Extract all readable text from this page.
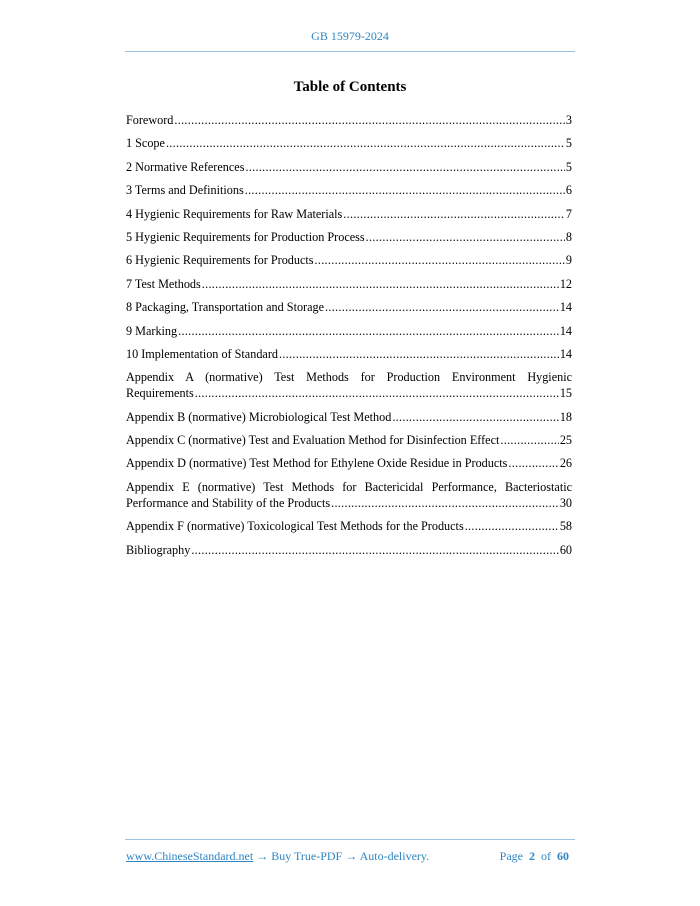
GB 15979-2024
Table of Contents
Foreword .....	3
1 Scope .....	5
2 Normative References .....	5
3 Terms and Definitions .....	6
4 Hygienic Requirements for Raw Materials .....	7
5 Hygienic Requirements for Production Process .....	8
6 Hygienic Requirements for Products .....	9
7 Test Methods .....	12
8 Packaging, Transportation and Storage .....	14
9 Marking .....	14
10 Implementation of Standard .....	14
Appendix A (normative) Test Methods for Production Environment Hygienic
Requirements .....	15
Appendix B (normative) Microbiological Test Method .....	18
Appendix C (normative) Test and Evaluation Method for Disinfection Effect .....	25
Appendix D (normative) Test Method for Ethylene Oxide Residue in Products .....	26
Appendix E (normative) Test Methods for Bactericidal Performance, Bacteriostatic
Performance and Stability of the Products .....	30
Appendix F (normative) Toxicological Test Methods for the Products .....	58
Bibliography .....	60
www.ChineseStandard.net → Buy True-PDF → Auto-delivery.	Page 2 of 60
